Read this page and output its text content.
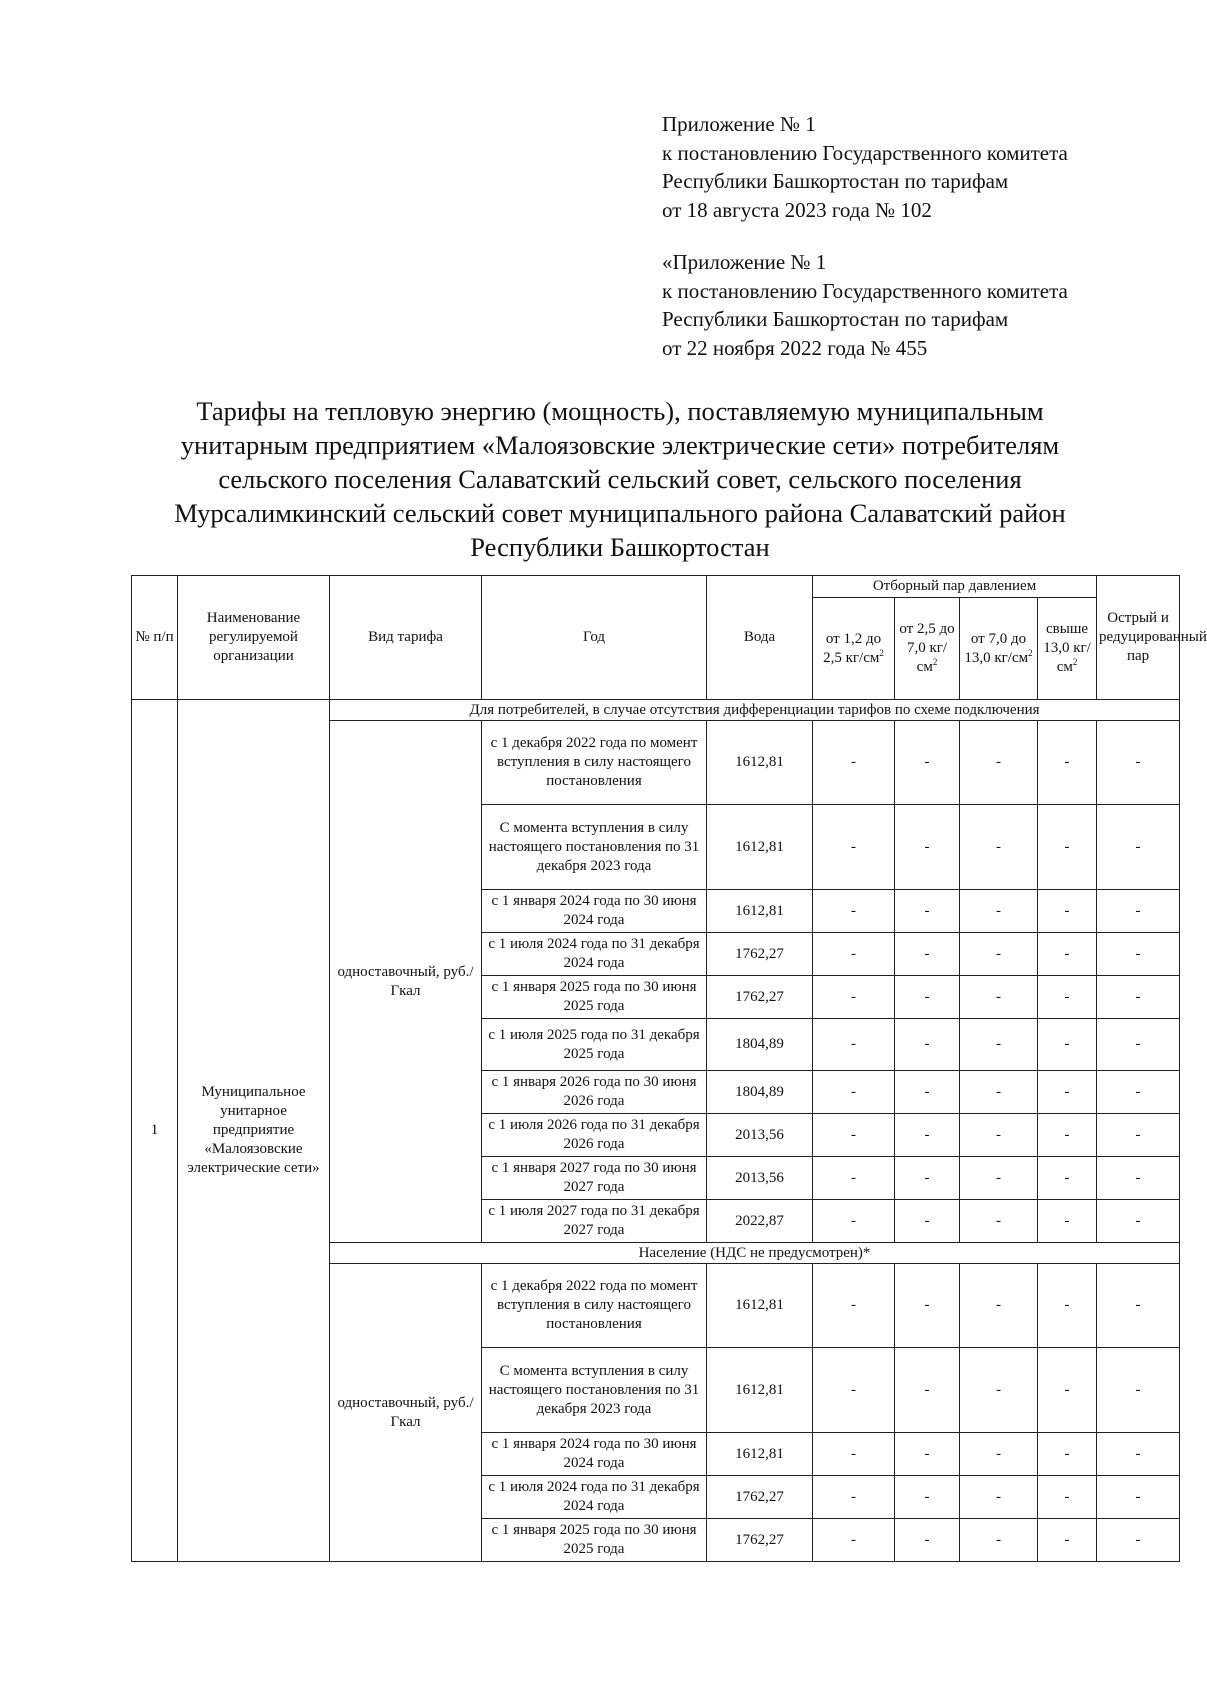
Приложение № 1
к постановлению Государственного комитета
Республики Башкортостан по тарифам
от 18 августа 2023 года № 102
«Приложение № 1
к постановлению Государственного комитета
Республики Башкортостан по тарифам
от 22 ноября 2022 года № 455
Тарифы на тепловую энергию (мощность), поставляемую муниципальным
унитарным предприятием «Малоязовские электрические сети» потребителям
сельского поселения Салаватский сельский совет, сельского поселения
Мурсалимкинский сельский совет муниципального района Салаватский район
Республики Башкортостан
№ п/п	Наименование регулируемой организации	Вид тарифа	Год	Вода	Отборный пар давлением				Острый и редуцированный пар
					от 1,2 до 2,5 $кг/см^2$	от 2,5 до 7,0 $кг/см^2$	от 7,0 до 13,0 $кг/см^2$	свыше 13,0 $кг/см^2$
1	Муниципальное унитарное предприятие «Малоязовские электрические сети»	Для потребителей, в случае отсутствия дифференциации тарифов по схеме подключения							
		одноставочный, руб./Гкал	с 1 декабря 2022 года по момент вступления в силу настоящего постановления	1612,81	-	-	-	-	-
			С момента вступления в силу настоящего постановления по 31 декабря 2023 года	1612,81	-	-	-	-	-
			с 1 января 2024 года по 30 июня 2024 года	1612,81	-	-	-	-	-
			с 1 июля 2024 года по 31 декабря 2024 года	1762,27	-	-	-	-	-
			с 1 января 2025 года по 30 июня 2025 года	1762,27	-	-	-	-	-
			с 1 июля 2025 года по 31 декабря 2025 года	1804,89	-	-	-	-	-
			с 1 января 2026 года по 30 июня 2026 года	1804,89	-	-	-	-	-
			с 1 июля 2026 года по 31 декабря 2026 года	2013,56	-	-	-	-	-
			с 1 января 2027 года по 30 июня 2027 года	2013,56	-	-	-	-	-
			с 1 июля 2027 года по 31 декабря 2027 года	2022,87	-	-	-	-	-
		Население (НДС не предусмотрен)*							
		одноставочный, руб./Гкал	с 1 декабря 2022 года по момент вступления в силу настоящего постановления	1612,81	-	-	-	-	-
			С момента вступления в силу настоящего постановления по 31 декабря 2023 года	1612,81	-	-	-	-	-
			с 1 января 2024 года по 30 июня 2024 года	1612,81	-	-	-	-	-
			с 1 июля 2024 года по 31 декабря 2024 года	1762,27	-	-	-	-	-
			с 1 января 2025 года по 30 июня 2025 года	1762,27	-	-	-	-	-
